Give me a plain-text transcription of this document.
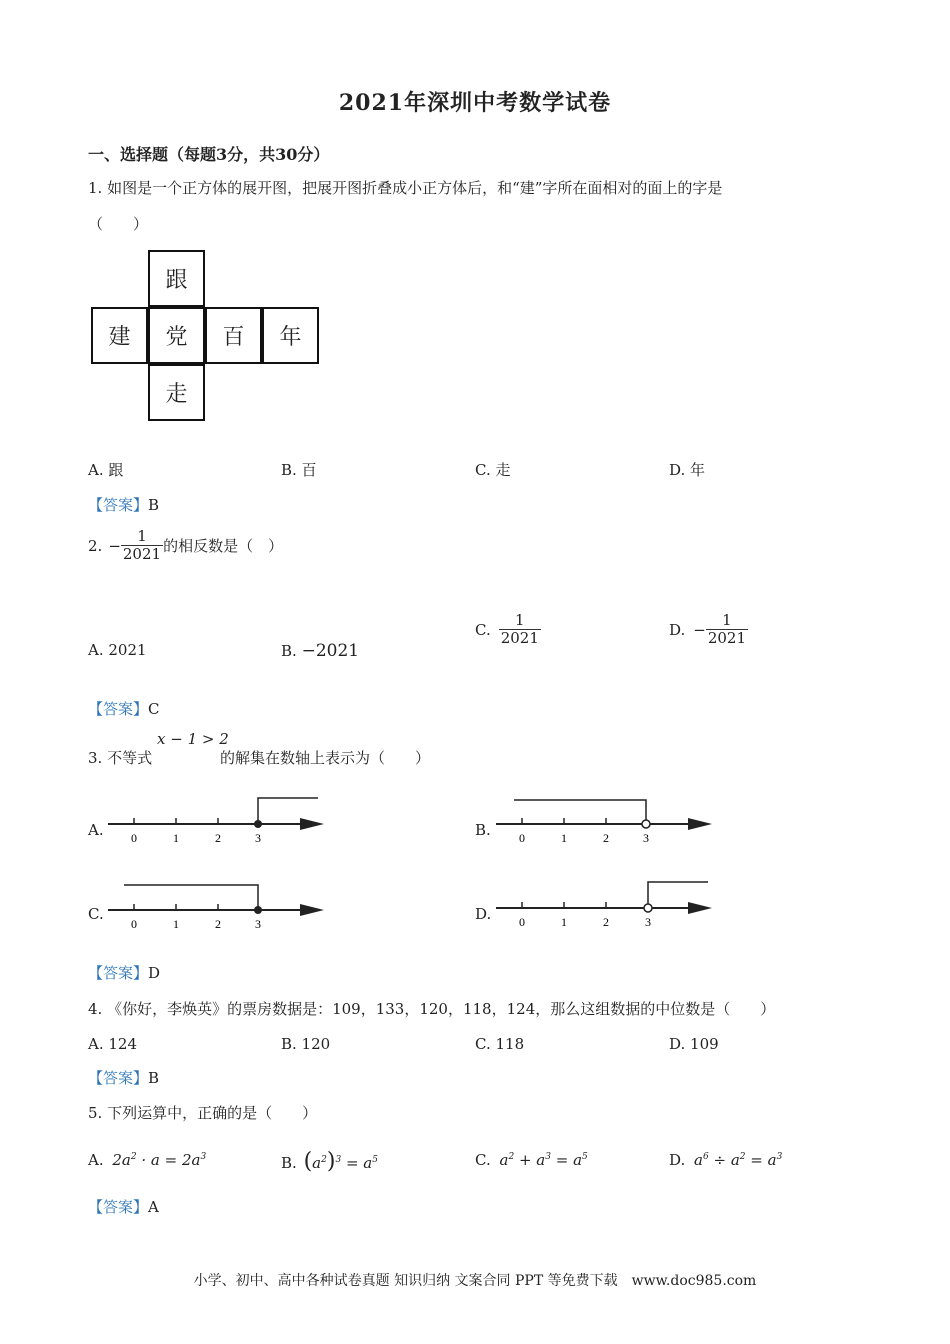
2021年深圳中考数学试卷
一、选择题（每题3分，共30分）
1. 如图是一个正方体的展开图，把展开图折叠成小正方体后，和“建”字所在面相对的面上的字是
（　　）
跟
建	党	百	年
走
A. 跟	B. 百	C. 走	D. 年
【答案】B
2. − $\frac{1}{2021}$ 的相反数是（　）
A. 2021	B. −2021
C. $\frac{1}{2021}$	D. − $\frac{1}{2021}$
【答案】C
3. 不等式
x − 1 > 2
的解集在数轴上表示为（　　）
A. 0	1	2	3	B. 0	1	2	3
C.
0	1	2	3
D. 0	1	2	3
【答案】D
4. 《你好，李焕英》的票房数据是：109，133，120，118，124，那么这组数据的中位数是（　　）
A. 124	B. 120	C. 118	D. 109
【答案】B
5. 下列运算中，正确的是（　　）
A. $2a^2 \cdot a = 2a^3$	B. $(a^2)^3 = a^5$	C. $a^2 + a^3 = a^5$	D. $a^6 \div a^2 = a^3$
【答案】A
小学、初中、高中各种试卷真题 知识归纳 文案合同 PPT 等免费下载　www.doc985.com
